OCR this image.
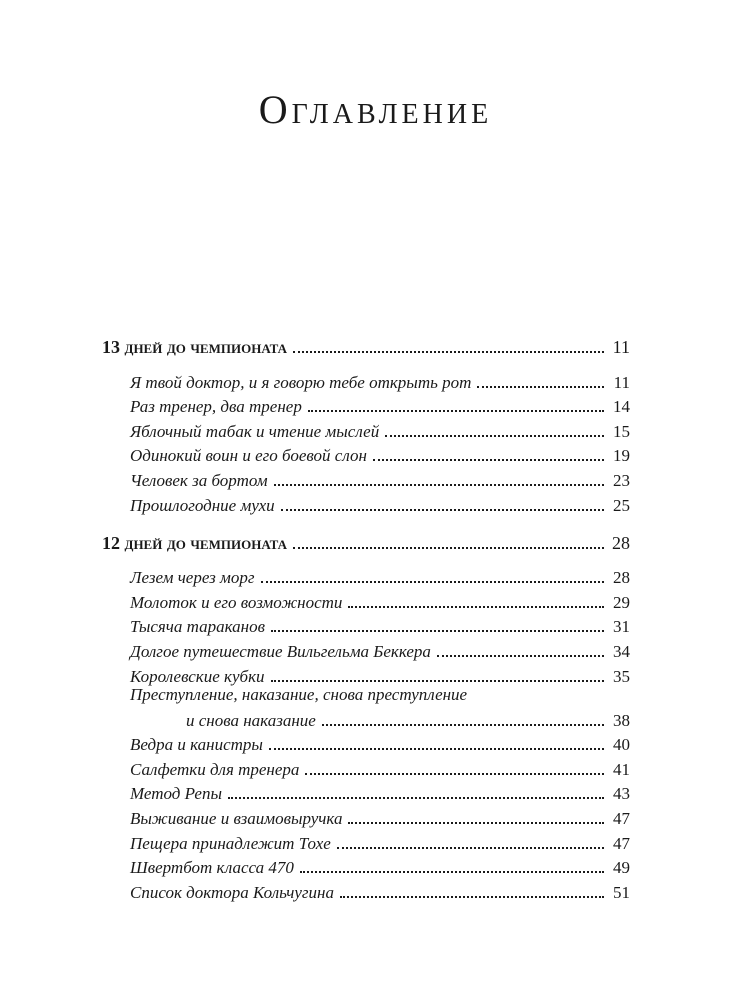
Оглавление
13 дней до чемпионата	11
Я твой доктор, и я говорю тебе открыть рот	11
Раз тренер, два тренер	14
Яблочный табак и чтение мыслей	15
Одинокий воин и его боевой слон	19
Человек за бортом	23
Прошлогодние мухи	25
12 дней до чемпионата	28
Лезем через морг	28
Молоток и его возможности	29
Тысяча тараканов	31
Долгое путешествие Вильгельма Беккера	34
Королевские кубки	35
Преступление, наказание, снова преступление
и снова наказание	38
Ведра и канистры	40
Салфетки для тренера	41
Метод Репы	43
Выживание и взаимовыручка	47
Пещера принадлежит Тохе	47
Швертбот класса 470	49
Список доктора Кольчугина	51
